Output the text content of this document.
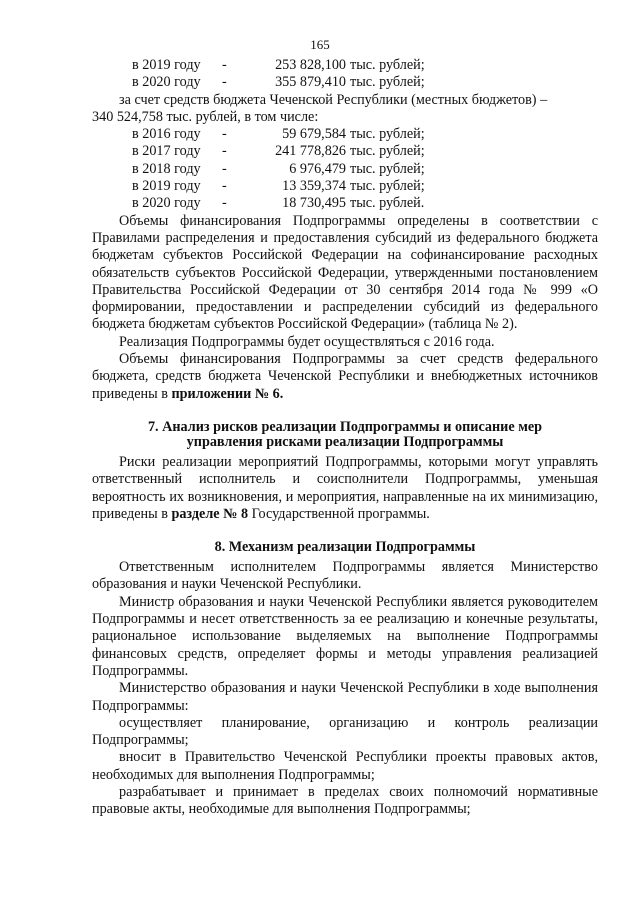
165
в 2019 году	-	253 828,100 тыс. рублей;
в 2020 году	-	355 879,410 тыс. рублей;

за счет средств бюджета Чеченской Республики (местных бюджетов) –

340 524,758 тыс. рублей, в том числе:

в 2016 году	-	59 679,584 тыс. рублей;
в 2017 году	-	241 778,826 тыс. рублей;
в 2018 году	-	6 976,479 тыс. рублей;
в 2019 году	-	13 359,374 тыс. рублей;
в 2020 году	-	18 730,495 тыс. рублей.

Объемы финансирования Подпрограммы определены в соответствии с Правилами распределения и предоставления субсидий из федерального бюджета бюджетам субъектов Российской Федерации на софинансирование расходных обязательств субъектов Российской Федерации, утвержденными постановлением Правительства Российской Федерации от 30 сентября 2014 года № 999 «О формировании, предоставлении и распределении субсидий из федерального бюджета бюджетам субъектов Российской Федерации» (таблица № 2).

Реализация Подпрограммы будет осуществляться с 2016 года.

Объемы финансирования Подпрограммы за счет средств федерального бюджета, средств бюджета Чеченской Республики и внебюджетных источников приведены в приложении № 6.

7. Анализ рисков реализации Подпрограммы и описание мер
управления рисками реализации Подпрограммы

Риски реализации мероприятий Подпрограммы, которыми могут управлять ответственный исполнитель и соисполнители Подпрограммы, уменьшая вероятность их возникновения, и мероприятия, направленные на их минимизацию, приведены в разделе № 8 Государственной программы.

8. Механизм реализации Подпрограммы

Ответственным исполнителем Подпрограммы является Министерство образования и науки Чеченской Республики.

Министр образования и науки Чеченской Республики является руководителем Подпрограммы и несет ответственность за ее реализацию и конечные результаты, рациональное использование выделяемых на выполнение Подпрограммы финансовых средств, определяет формы и методы управления реализацией Подпрограммы.

Министерство образования и науки Чеченской Республики в ходе выполнения Подпрограммы:

осуществляет планирование, организацию и контроль реализации Подпрограммы;

вносит в Правительство Чеченской Республики проекты правовых актов, необходимых для выполнения Подпрограммы;

разрабатывает и принимает в пределах своих полномочий нормативные правовые акты, необходимые для выполнения Подпрограммы;
